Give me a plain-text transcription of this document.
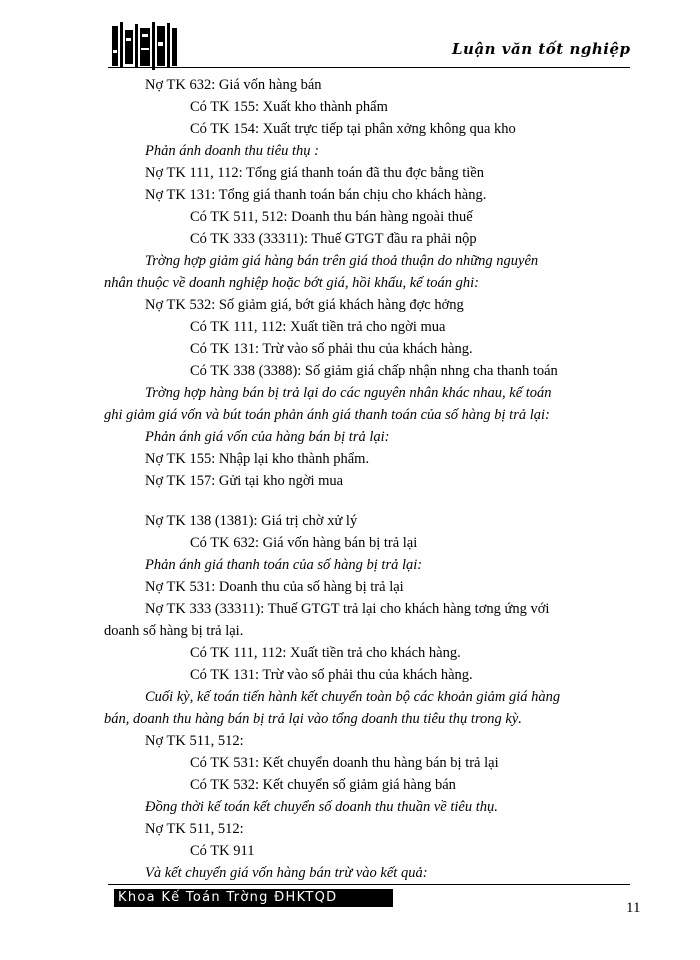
Luận văn tốt nghiệp
Nợ TK 632: Giá vốn hàng bán
Có TK 155: Xuất kho thành phẩm
Có TK 154: Xuất trực tiếp tại phân xởng không qua kho
Phản ánh doanh thu tiêu thụ :
Nợ TK 111, 112: Tổng giá thanh toán đã thu đợc bằng tiền
Nợ TK 131: Tổng giá thanh toán bán chịu cho khách hàng.
Có TK 511, 512: Doanh thu bán hàng ngoài thuế
Có TK 333 (33311): Thuế GTGT đầu ra phải nộp
Trờng hợp giảm giá hàng bán trên giá thoả thuận do những nguyên
nhân thuộc về doanh nghiệp hoặc bớt giá, hồi khấu, kế toán ghi:
Nợ TK 532: Số giảm giá, bớt giá khách hàng đợc hởng
Có TK 111, 112: Xuất tiền trả cho ngời mua
Có TK 131: Trừ vào số phải thu của khách hàng.
Có TK 338 (3388): Số giảm giá chấp nhận nhng cha thanh toán
Trờng hợp hàng bán bị trả lại do các nguyên nhân khác nhau, kế toán
ghi giảm giá vốn và bút toán phản ánh giá thanh toán của số hàng bị trả lại:
Phản ánh giá vốn của hàng bán bị trả lại:
Nợ TK 155: Nhập lại kho thành phẩm.
Nợ TK 157: Gửi tại kho ngời mua
Nợ TK 138 (1381): Giá trị chờ xử lý
Có TK 632: Giá vốn hàng bán bị trả lại
Phản ánh giá thanh toán của số hàng bị trả lại:
Nợ TK 531: Doanh thu của số hàng bị trả lại
Nợ TK 333 (33311): Thuế GTGT trả lại cho khách hàng tơng ứng với
doanh số hàng bị trả lại.
Có TK 111, 112: Xuất tiền trả cho khách hàng.
Có TK 131: Trừ vào số phải thu của khách hàng.
Cuối kỳ, kế toán tiến hành kết chuyển toàn bộ các khoản giảm giá hàng
bán, doanh thu hàng bán bị trả lại vào tổng doanh thu tiêu thụ trong kỳ.
Nợ TK 511, 512:
Có TK 531: Kết chuyển doanh thu hàng bán bị trả lại
Có TK 532: Kết chuyển số giảm giá hàng bán
Đồng thời kế toán kết chuyển số doanh thu thuần về tiêu thụ.
Nợ TK 511, 512:
Có TK 911
Và kết chuyển giá vốn hàng bán trừ vào kết quả:
Khoa Kế Toán Trờng ĐHKTQD
11
